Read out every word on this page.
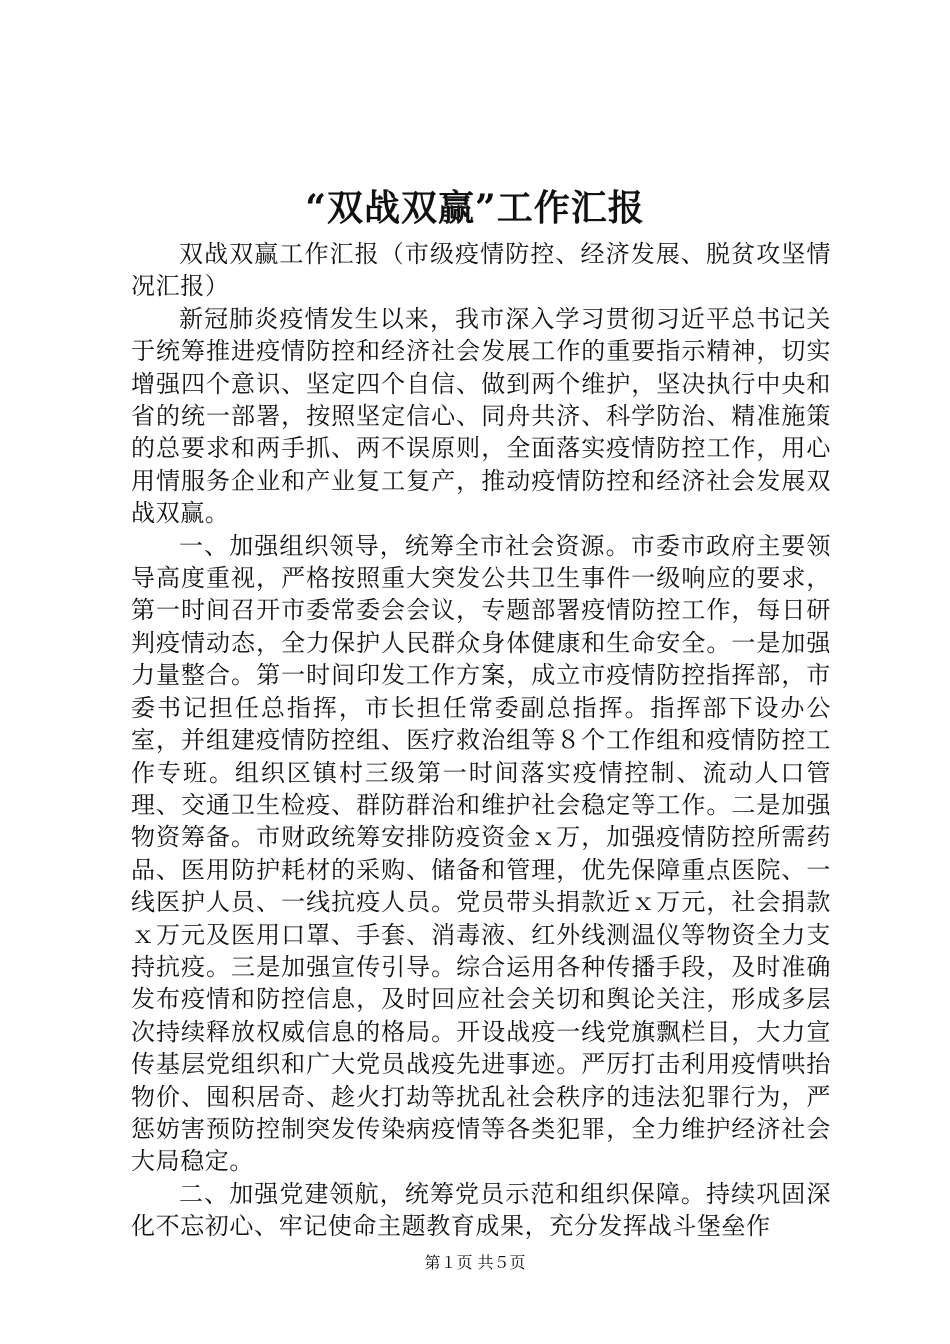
“双战双赢”工作汇报

双战双赢工作汇报（市级疫情防控、经济发展、脱贫攻坚情况汇报）

新冠肺炎疫情发生以来，我市深入学习贯彻习近平总书记关于统筹推进疫情防控和经济社会发展工作的重要指示精神，切实增强四个意识、坚定四个自信、做到两个维护，坚决执行中央和省的统一部署，按照坚定信心、同舟共济、科学防治、精准施策的总要求和两手抓、两不误原则，全面落实疫情防控工作，用心用情服务企业和产业复工复产，推动疫情防控和经济社会发展双战双赢。

一、加强组织领导，统筹全市社会资源。市委市政府主要领导高度重视，严格按照重大突发公共卫生事件一级响应的要求，第一时间召开市委常委会会议，专题部署疫情防控工作，每日研判疫情动态，全力保护人民群众身体健康和生命安全。一是加强力量整合。第一时间印发工作方案，成立市疫情防控指挥部，市委书记担任总指挥，市长担任常委副总指挥。指挥部下设办公室，并组建疫情防控组、医疗救治组等８个工作组和疫情防控工作专班。组织区镇村三级第一时间落实疫情控制、流动人口管理、交通卫生检疫、群防群治和维护社会稳定等工作。二是加强物资筹备。市财政统筹安排防疫资金ｘ万，加强疫情防控所需药品、医用防护耗材的采购、储备和管理，优先保障重点医院、一线医护人员、一线抗疫人员。党员带头捐款近ｘ万元，社会捐款ｘ万元及医用口罩、手套、消毒液、红外线测温仪等物资全力支持抗疫。三是加强宣传引导。综合运用各种传播手段，及时准确发布疫情和防控信息，及时回应社会关切和舆论关注，形成多层次持续释放权威信息的格局。开设战疫一线党旗飘栏目，大力宣传基层党组织和广大党员战疫先进事迹。严厉打击利用疫情哄抬物价、囤积居奇、趁火打劫等扰乱社会秩序的违法犯罪行为，严惩妨害预防控制突发传染病疫情等各类犯罪，全力维护经济社会大局稳定。

二、加强党建领航，统筹党员示范和组织保障。持续巩固深化不忘初心、牢记使命主题教育成果，充分发挥战斗堡垒作

第１页 共５页
